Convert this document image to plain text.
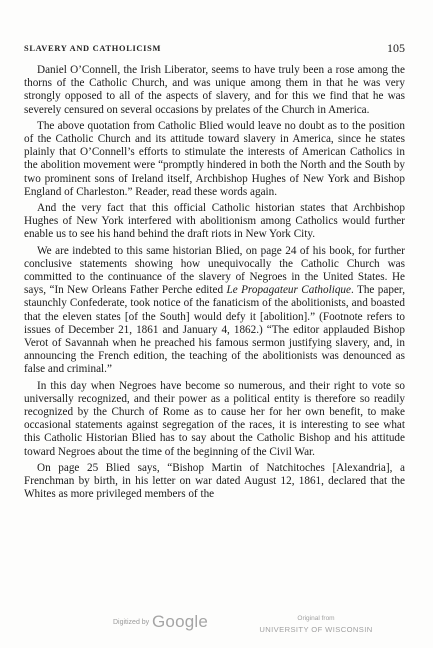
SLAVERY AND CATHOLICISM	105

Daniel O’Connell, the Irish Liberator, seems to have truly been a rose among the thorns of the Catholic Church, and was unique among them in that he was very strongly opposed to all of the aspects of slavery, and for this we find that he was severely censured on several occasions by prelates of the Church in America.

The above quotation from Catholic Blied would leave no doubt as to the position of the Catholic Church and its attitude toward slavery in America, since he states plainly that O’Connell’s efforts to stimulate the interests of American Catholics in the abolition movement were “promptly hindered in both the North and the South by two prominent sons of Ireland itself, Archbishop Hughes of New York and Bishop England of Charleston.” Reader, read these words again.

And the very fact that this official Catholic historian states that Archbishop Hughes of New York interfered with abolitionism among Catholics would further enable us to see his hand behind the draft riots in New York City.

We are indebted to this same historian Blied, on page 24 of his book, for further conclusive statements showing how unequivocally the Catholic Church was committed to the continuance of the slavery of Negroes in the United States. He says, “In New Orleans Father Perche edited Le Propagateur Catholique. The paper, staunchly Confederate, took notice of the fanaticism of the abolitionists, and boasted that the eleven states [of the South] would defy it [abolition].” (Footnote refers to issues of December 21, 1861 and January 4, 1862.) “The editor applauded Bishop Verot of Savannah when he preached his famous sermon justifying slavery, and, in announcing the French edition, the teaching of the abolitionists was denounced as false and criminal.”

In this day when Negroes have become so numerous, and their right to vote so universally recognized, and their power as a political entity is therefore so readily recognized by the Church of Rome as to cause her for her own benefit, to make occasional statements against segregation of the races, it is interesting to see what this Catholic Historian Blied has to say about the Catholic Bishop and his attitude toward Negroes about the time of the beginning of the Civil War.

On page 25 Blied says, “Bishop Martin of Natchitoches [Alexandria], a Frenchman by birth, in his letter on war dated August 12, 1861, declared that the Whites as more privileged members of the

Digitized by Google	Original from
UNIVERSITY OF WISCONSIN
